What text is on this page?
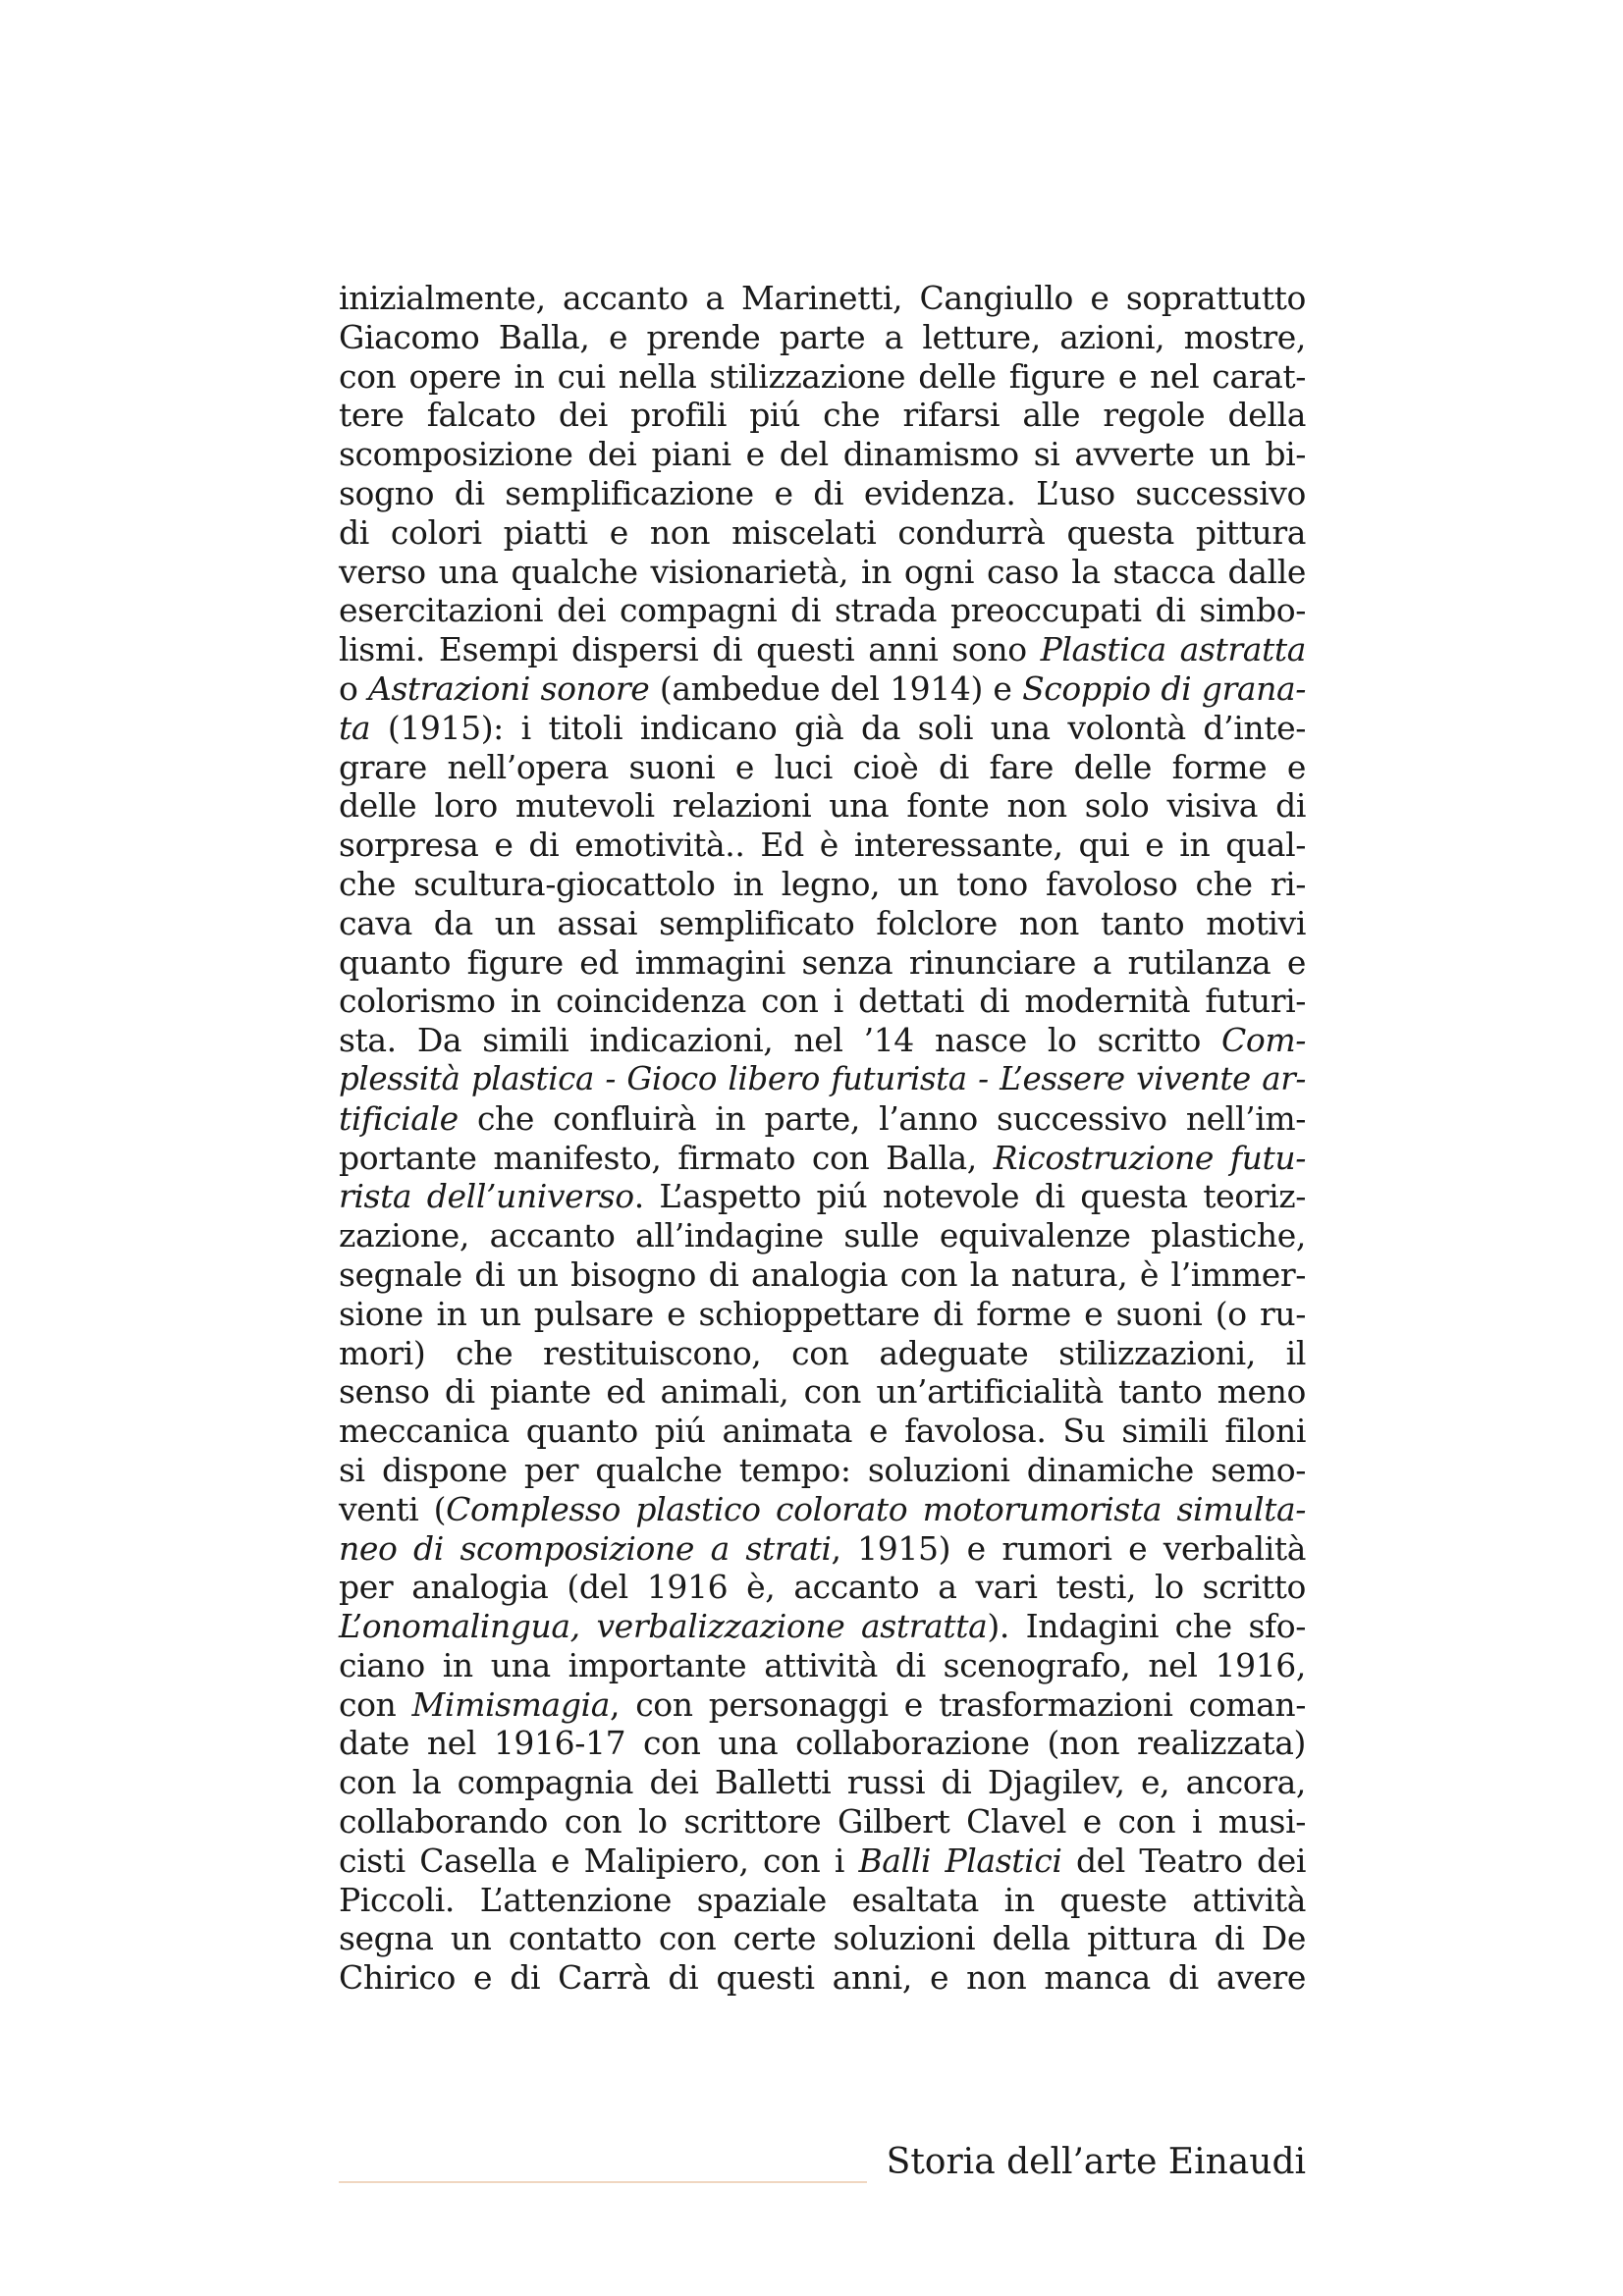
inizialmente, accanto a Marinetti, Cangiullo e soprattutto
Giacomo Balla, e prende parte a letture, azioni, mostre,
con opere in cui nella stilizzazione delle figure e nel carat-
tere falcato dei profili piú che rifarsi alle regole della
scomposizione dei piani e del dinamismo si avverte un bi-
sogno di semplificazione e di evidenza. L’uso successivo
di colori piatti e non miscelati condurrà questa pittura
verso una qualche visionarietà, in ogni caso la stacca dalle
esercitazioni dei compagni di strada preoccupati di simbo-
lismi. Esempi dispersi di questi anni sono Plastica astratta
o Astrazioni sonore (ambedue del 1914) e Scoppio di grana-
ta (1915): i titoli indicano già da soli una volontà d’inte-
grare nell’opera suoni e luci cioè di fare delle forme e
delle loro mutevoli relazioni una fonte non solo visiva di
sorpresa e di emotività.. Ed è interessante, qui e in qual-
che scultura-giocattolo in legno, un tono favoloso che ri-
cava da un assai semplificato folclore non tanto motivi
quanto figure ed immagini senza rinunciare a rutilanza e
colorismo in coincidenza con i dettati di modernità futuri-
sta. Da simili indicazioni, nel ’14 nasce lo scritto Com-
plessità plastica - Gioco libero futurista - L’essere vivente ar-
tificiale che confluirà in parte, l’anno successivo nell’im-
portante manifesto, firmato con Balla, Ricostruzione futu-
rista dell’universo. L’aspetto piú notevole di questa teoriz-
zazione, accanto all’indagine sulle equivalenze plastiche,
segnale di un bisogno di analogia con la natura, è l’immer-
sione in un pulsare e schioppettare di forme e suoni (o ru-
mori) che restituiscono, con adeguate stilizzazioni, il
senso di piante ed animali, con un’artificialità tanto meno
meccanica quanto piú animata e favolosa. Su simili filoni
si dispone per qualche tempo: soluzioni dinamiche semo-
venti (Complesso plastico colorato motorumorista simulta-
neo di scomposizione a strati, 1915) e rumori e verbalità
per analogia (del 1916 è, accanto a vari testi, lo scritto
L’onomalingua, verbalizzazione astratta). Indagini che sfo-
ciano in una importante attività di scenografo, nel 1916,
con Mimismagia, con personaggi e trasformazioni coman-
date nel 1916-17 con una collaborazione (non realizzata)
con la compagnia dei Balletti russi di Djagilev, e, ancora,
collaborando con lo scrittore Gilbert Clavel e con i musi-
cisti Casella e Malipiero, con i Balli Plastici del Teatro dei
Piccoli. L’attenzione spaziale esaltata in queste attività
segna un contatto con certe soluzioni della pittura di De
Chirico e di Carrà di questi anni, e non manca di avere
Storia dell’arte Einaudi
